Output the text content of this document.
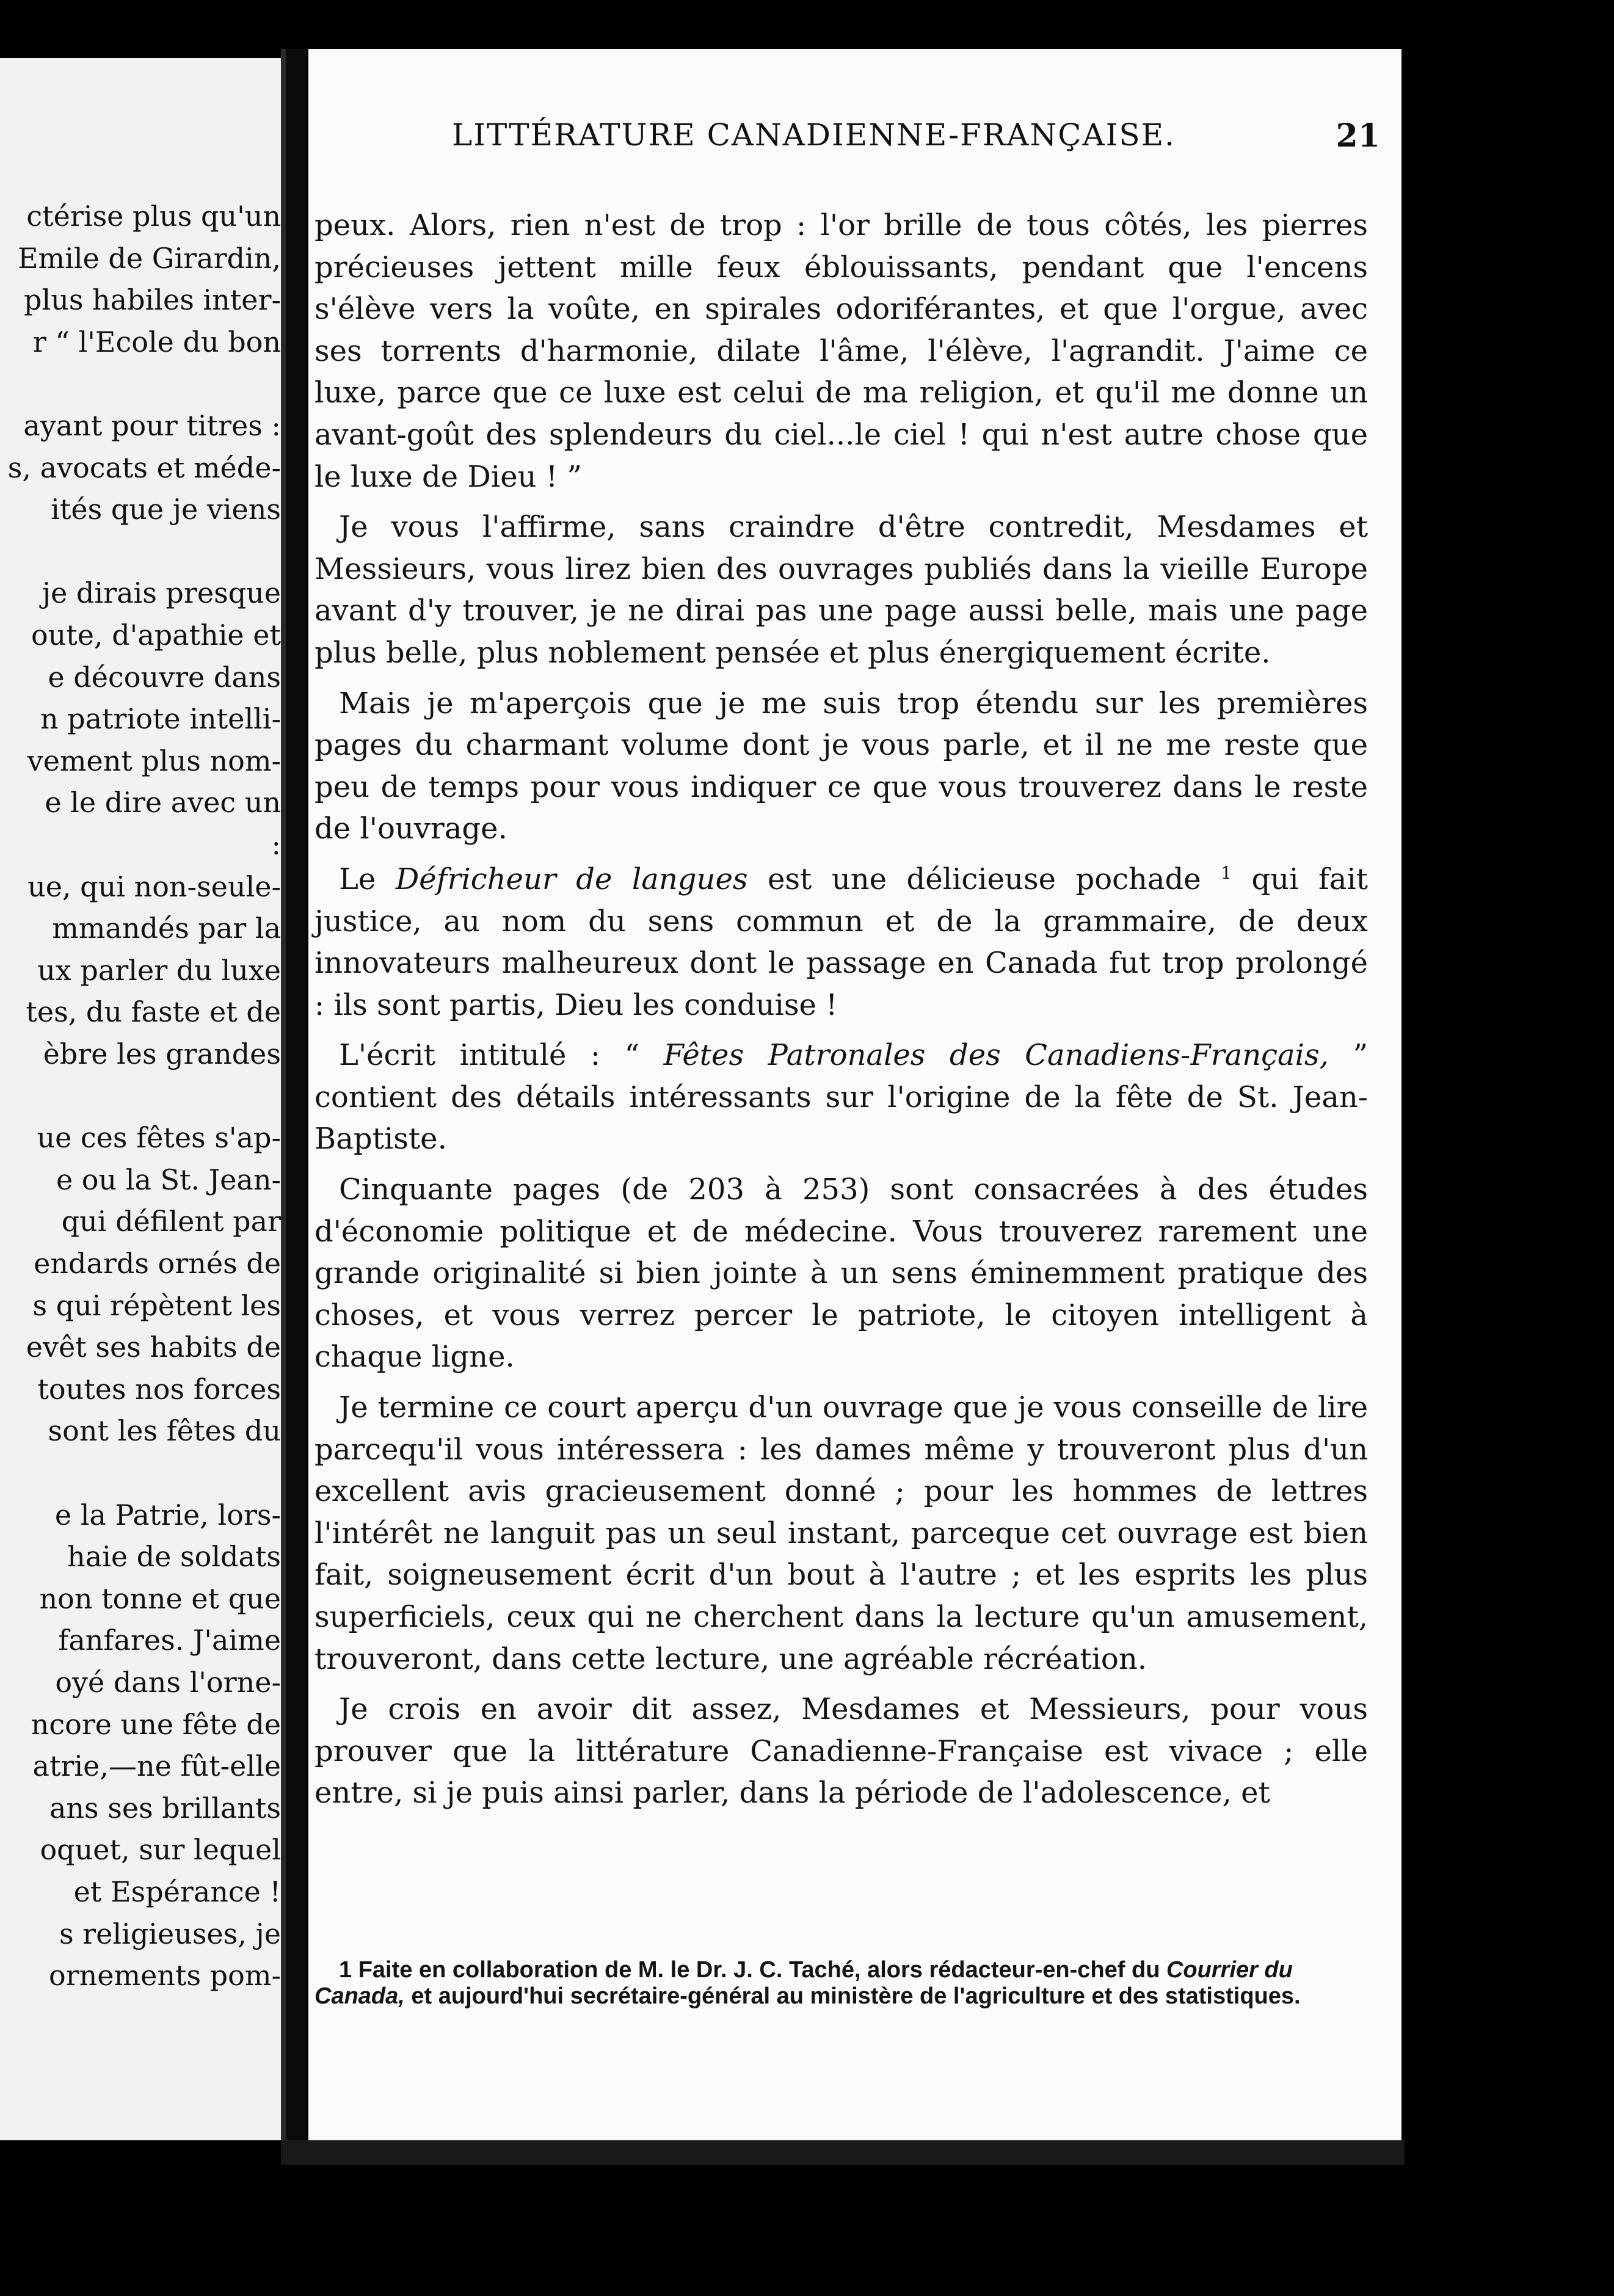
ctérise plus qu'un
Emile de Girardin,
plus habiles inter-
r “ l'Ecole du bon
ayant pour titres :
s, avocats et méde-
ités que je viens
je dirais presque
oute, d'apathie et
e découvre dans
n patriote intelli-
vement plus nom-
e le dire avec un
:
ue, qui non-seule-
mmandés par la
ux parler du luxe
tes, du faste et de
èbre les grandes
ue ces fêtes s'ap-
e ou la St. Jean-
qui défilent par
endards ornés de
s qui répètent les
evêt ses habits de
toutes nos forces
sont les fêtes du
e la Patrie, lors-
haie de soldats
non tonne et que
fanfares. J'aime
oyé dans l'orne-
ncore une fête de
atrie,—ne fût-elle
ans ses brillants
oquet, sur lequel
et Espérance !
s religieuses, je
ornements pom-
LITTÉRATURE CANADIENNE-FRANÇAISE.	21

peux. Alors, rien n'est de trop : l'or brille de tous côtés, les pierres précieuses jettent mille feux éblouissants, pendant que l'encens s'élève vers la voûte, en spirales odoriférantes, et que l'orgue, avec ses torrents d'harmonie, dilate l'âme, l'élève, l'agrandit. J'aime ce luxe, parce que ce luxe est celui de ma religion, et qu'il me donne un avant-goût des splendeurs du ciel...le ciel ! qui n'est autre chose que le luxe de Dieu ! ”

Je vous l'affirme, sans craindre d'être contredit, Mesdames et Messieurs, vous lirez bien des ouvrages publiés dans la vieille Europe avant d'y trouver, je ne dirai pas une page aussi belle, mais une page plus belle, plus noblement pensée et plus énergiquement écrite.

Mais je m'aperçois que je me suis trop étendu sur les premières pages du charmant volume dont je vous parle, et il ne me reste que peu de temps pour vous indiquer ce que vous trouverez dans le reste de l'ouvrage.

Le Défricheur de langues est une délicieuse pochade $^1$ qui fait justice, au nom du sens commun et de la grammaire, de deux innovateurs malheureux dont le passage en Canada fut trop prolongé : ils sont partis, Dieu les conduise !

L'écrit intitulé : “ Fêtes Patronales des Canadiens-Français, ” contient des détails intéressants sur l'origine de la fête de St. Jean-Baptiste.

Cinquante pages (de 203 à 253) sont consacrées à des études d'économie politique et de médecine. Vous trouverez rarement une grande originalité si bien jointe à un sens éminemment pratique des choses, et vous verrez percer le patriote, le citoyen intelligent à chaque ligne.

Je termine ce court aperçu d'un ouvrage que je vous conseille de lire parcequ'il vous intéressera : les dames même y trouveront plus d'un excellent avis gracieusement donné ; pour les hommes de lettres l'intérêt ne languit pas un seul instant, parceque cet ouvrage est bien fait, soigneusement écrit d'un bout à l'autre ; et les esprits les plus superficiels, ceux qui ne cherchent dans la lecture qu'un amusement, trouveront, dans cette lecture, une agréable récréation.

Je crois en avoir dit assez, Mesdames et Messieurs, pour vous prouver que la littérature Canadienne-Française est vivace ; elle entre, si je puis ainsi parler, dans la période de l'adolescence, et

1 Faite en collaboration de M. le Dr. J. C. Taché, alors rédacteur-en-chef du Courrier du Canada, et aujourd'hui secrétaire-général au ministère de l'agriculture et des statistiques.
